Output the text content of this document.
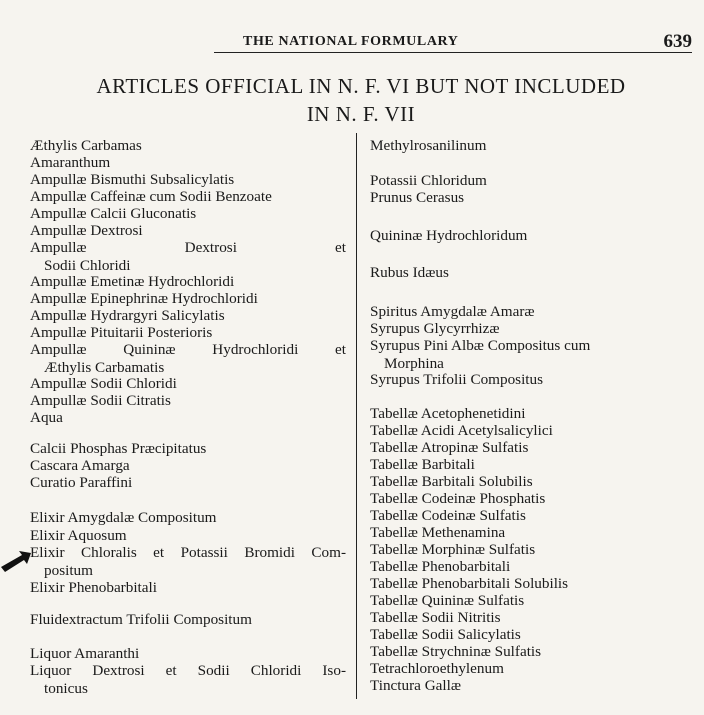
THE NATIONAL FORMULARY	639
ARTICLES OFFICIAL IN N. F. VI BUT NOT INCLUDED
IN N. F. VII
Æthylis Carbamas
Amaranthum
Ampullæ Bismuthi Subsalicylatis
Ampullæ Caffeinæ cum Sodii Benzoate
Ampullæ Calcii Gluconatis
Ampullæ Dextrosi
Ampullæ Dextrosi et
Sodii Chloridi
Ampullæ Emetinæ Hydrochloridi
Ampullæ Epinephrinæ Hydrochloridi
Ampullæ Hydrargyri Salicylatis
Ampullæ Pituitarii Posterioris
Ampullæ Quininæ Hydrochloridi et
Æthylis Carbamatis
Ampullæ Sodii Chloridi
Ampullæ Sodii Citratis
Aqua
Calcii Phosphas Præcipitatus
Cascara Amarga
Curatio Paraffini
Elixir Amygdalæ Compositum
Elixir Aquosum
Elixir Chloralis et Potassii Bromidi Com-
positum
Elixir Phenobarbitali
Fluidextractum Trifolii Compositum
Liquor Amaranthi
Liquor Dextrosi et Sodii Chloridi Iso-
tonicus
Methylrosanilinum
Potassii Chloridum
Prunus Cerasus
Quininæ Hydrochloridum
Rubus Idæus
Spiritus Amygdalæ Amaræ
Syrupus Glycyrrhizæ
Syrupus Pini Albæ Compositus cum
Morphina
Syrupus Trifolii Compositus
Tabellæ Acetophenetidini
Tabellæ Acidi Acetylsalicylici
Tabellæ Atropinæ Sulfatis
Tabellæ Barbitali
Tabellæ Barbitali Solubilis
Tabellæ Codeinæ Phosphatis
Tabellæ Codeinæ Sulfatis
Tabellæ Methenamina
Tabellæ Morphinæ Sulfatis
Tabellæ Phenobarbitali
Tabellæ Phenobarbitali Solubilis
Tabellæ Quininæ Sulfatis
Tabellæ Sodii Nitritis
Tabellæ Sodii Salicylatis
Tabellæ Strychninæ Sulfatis
Tetrachloroethylenum
Tinctura Gallæ
